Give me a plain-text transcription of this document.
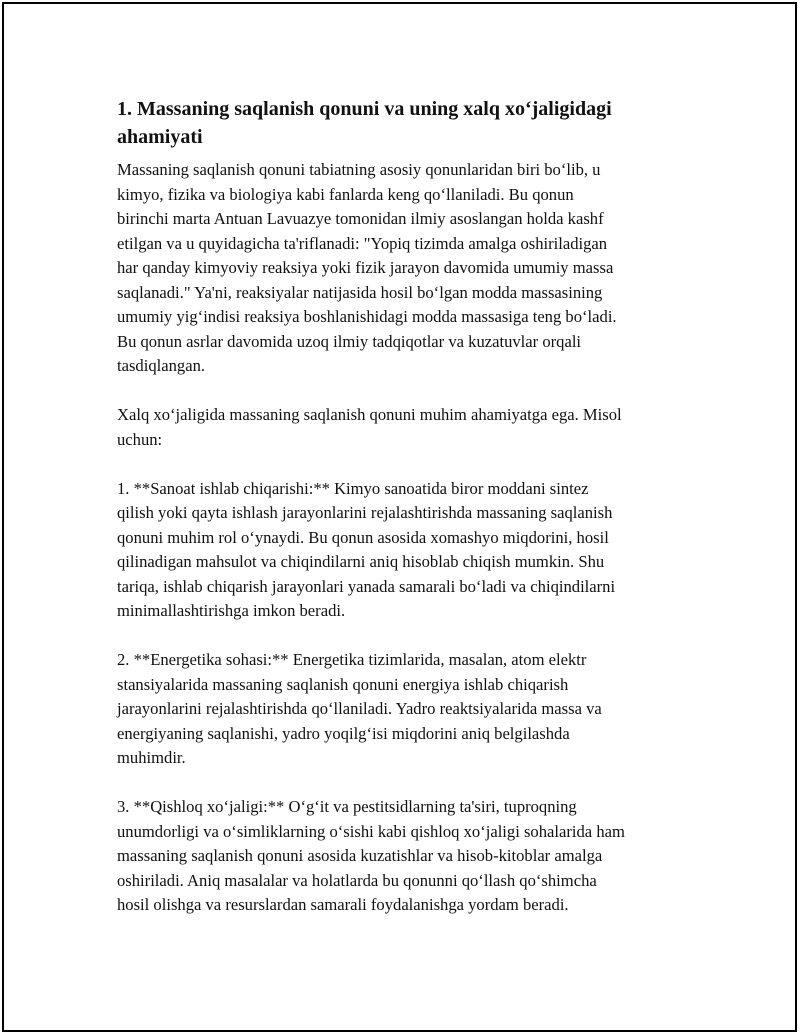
1. Massaning saqlanish qonuni va uning xalq xo‘jaligidagi ahamiyati

Massaning saqlanish qonuni tabiatning asosiy qonunlaridan biri bo‘lib, u
kimyo, fizika va biologiya kabi fanlarda keng qo‘llaniladi. Bu qonun
birinchi marta Antuan Lavuazye tomonidan ilmiy asoslangan holda kashf
etilgan va u quyidagicha ta'riflanadi: "Yopiq tizimda amalga oshiriladigan
har qanday kimyoviy reaksiya yoki fizik jarayon davomida umumiy massa
saqlanadi." Ya'ni, reaksiyalar natijasida hosil bo‘lgan modda massasining
umumiy yig‘indisi reaksiya boshlanishidagi modda massasiga teng bo‘ladi.
Bu qonun asrlar davomida uzoq ilmiy tadqiqotlar va kuzatuvlar orqali
tasdiqlangan.

Xalq xo‘jaligida massaning saqlanish qonuni muhim ahamiyatga ega. Misol
uchun:

1. **Sanoat ishlab chiqarishi:** Kimyo sanoatida biror moddani sintez
qilish yoki qayta ishlash jarayonlarini rejalashtirishda massaning saqlanish
qonuni muhim rol o‘ynaydi. Bu qonun asosida xomashyo miqdorini, hosil
qilinadigan mahsulot va chiqindilarni aniq hisoblab chiqish mumkin. Shu
tariqa, ishlab chiqarish jarayonlari yanada samarali bo‘ladi va chiqindilarni
minimallashtirishga imkon beradi.

2. **Energetika sohasi:** Energetika tizimlarida, masalan, atom elektr
stansiyalarida massaning saqlanish qonuni energiya ishlab chiqarish
jarayonlarini rejalashtirishda qo‘llaniladi. Yadro reaktsiyalarida massa va
energiyaning saqlanishi, yadro yoqilg‘isi miqdorini aniq belgilashda
muhimdir.

3. **Qishloq xo‘jaligi:** O‘g‘it va pestitsidlarning ta'siri, tuproqning
unumdorligi va o‘simliklarning o‘sishi kabi qishloq xo‘jaligi sohalarida ham
massaning saqlanish qonuni asosida kuzatishlar va hisob-kitoblar amalga
oshiriladi. Aniq masalalar va holatlarda bu qonunni qo‘llash qo‘shimcha
hosil olishga va resurslardan samarali foydalanishga yordam beradi.
